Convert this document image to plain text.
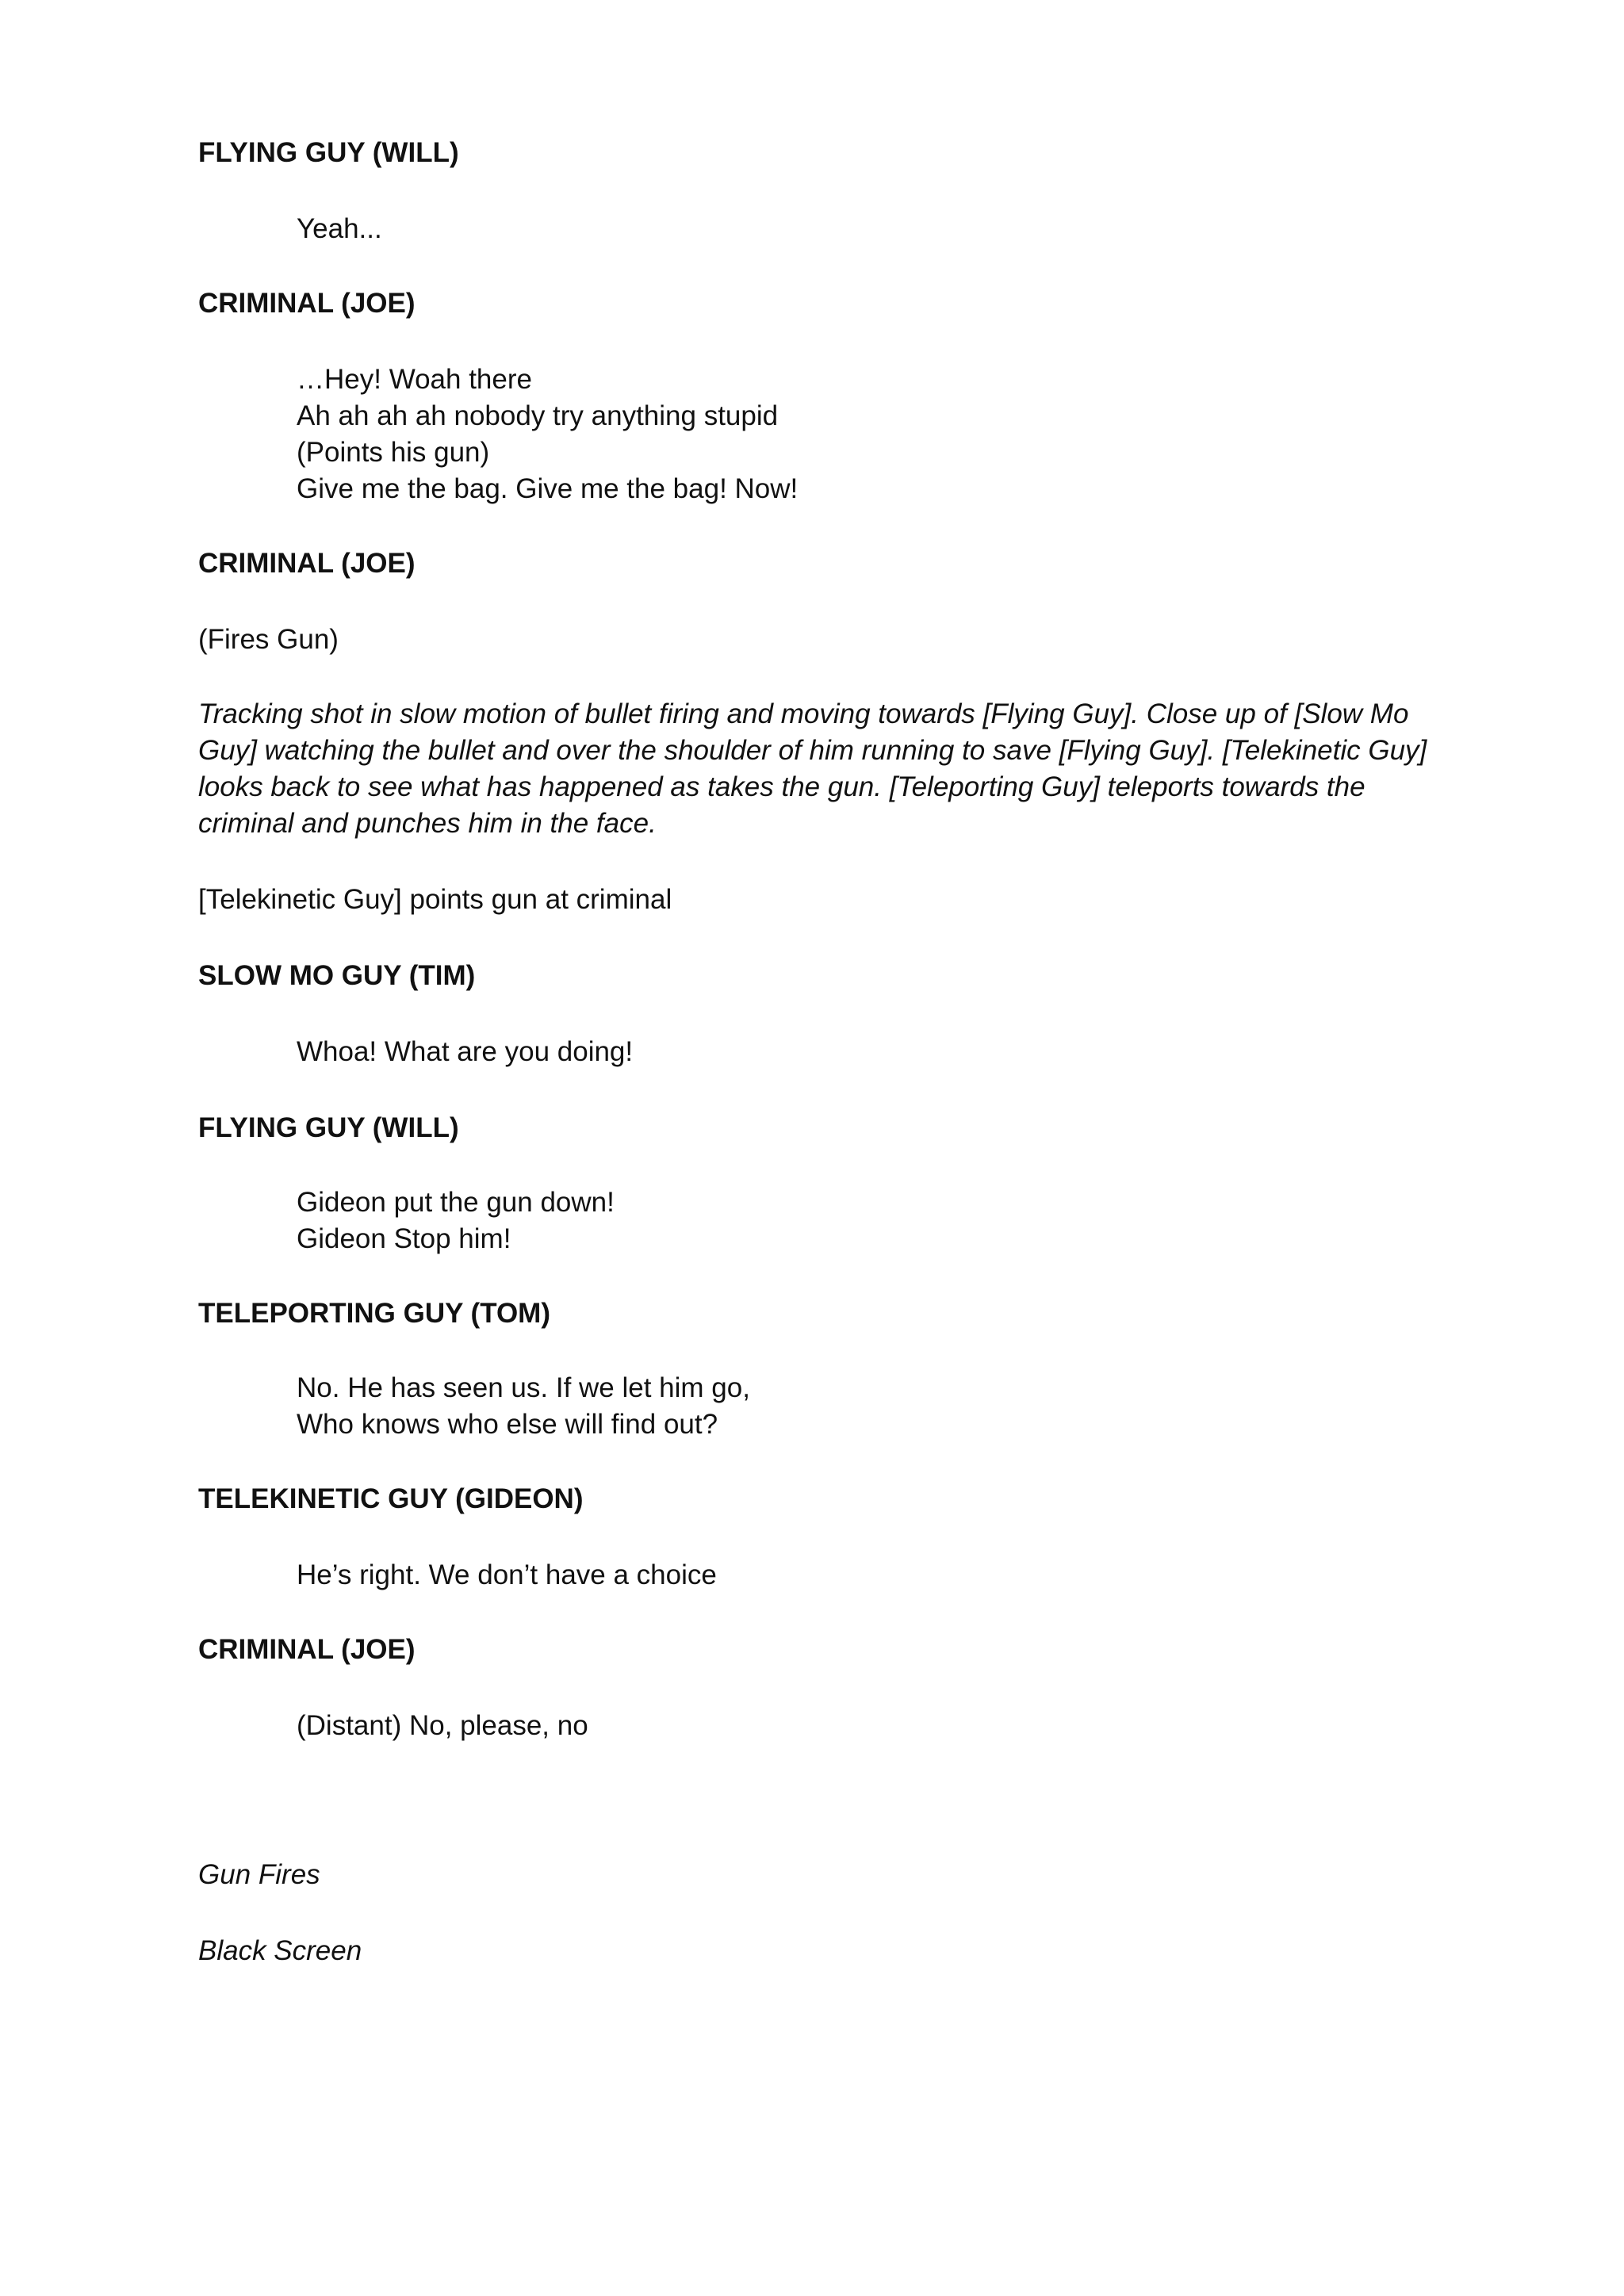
FLYING GUY (WILL)
Yeah...
CRIMINAL (JOE)
…Hey! Woah there
Ah ah ah ah nobody try anything stupid
(Points his gun)
Give me the bag. Give me the bag! Now!
CRIMINAL (JOE)
(Fires Gun)
Tracking shot in slow motion of bullet firing and moving towards [Flying Guy]. Close up of [Slow Mo
Guy] watching the bullet and over the shoulder of him running to save [Flying Guy]. [Telekinetic Guy]
looks back to see what has happened as takes the gun. [Teleporting Guy] teleports towards the
criminal and punches him in the face.
[Telekinetic Guy] points gun at criminal
SLOW MO GUY (TIM)
Whoa! What are you doing!
FLYING GUY (WILL)
Gideon put the gun down!
Gideon Stop him!
TELEPORTING GUY (TOM)
No. He has seen us. If we let him go,
Who knows who else will find out?
TELEKINETIC GUY (GIDEON)
He’s right. We don’t have a choice
CRIMINAL (JOE)
(Distant) No, please, no
Gun Fires
Black Screen
